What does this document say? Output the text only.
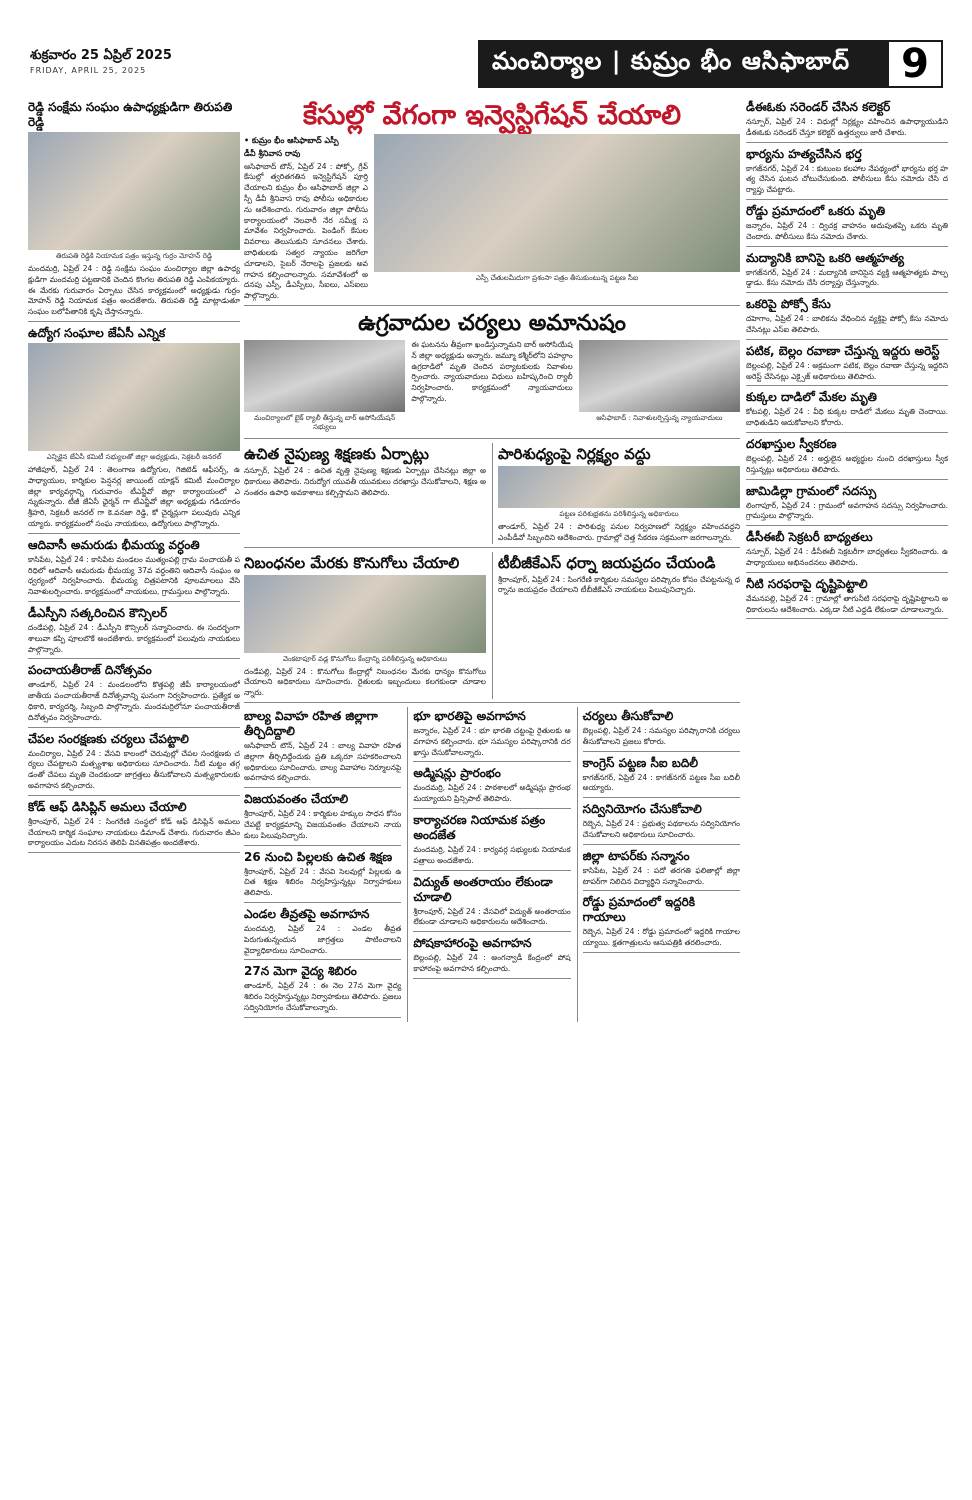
శుక్రవారం 25 ఏప్రిల్ 2025
FRIDAY, APRIL 25, 2025	మంచిర్యాల | కుమ్రం భీం ఆసిఫాబాద్	9
రెడ్డి సంక్షేమ సంఘం ఉపాధ్యక్షుడిగా తిరుపతి రెడ్డి
తిరుపతి రెడ్డికి నియామక పత్రం ఇస్తున్న గుర్రం మోహన్ రెడ్డి
మందమర్రి, ఏప్రిల్ 24 : రెడ్డి సంక్షేమ సంఘం మంచిర్యాల జిల్లా ఉపాధ్యక్షుడిగా మందమర్రి పట్టణానికి చెందిన కొంగల తిరుపతి రెడ్డి ఎంపికయ్యారు. ఈ మేరకు గురువారం ఏర్పాటు చేసిన కార్యక్రమంలో అధ్యక్షుడు గుర్రం మోహన్ రెడ్డి నియామక పత్రం అందజేశారు. తిరుపతి రెడ్డి మాట్లాడుతూ సంఘం బలోపేతానికి కృషి చేస్తానన్నారు.
ఉద్యోగ సంఘాల జేఏసీ ఎన్నిక
ఎన్నికైన జేఏసీ కమిటీ సభ్యులతో జిల్లా అధ్యక్షుడు, సెక్రటరీ జనరల్
హాజీపూర్, ఏప్రిల్ 24 : తెలంగాణ ఉద్యోగుల, గెజిటెడ్ ఆఫీసర్స్, ఉపాధ్యాయుల, కార్మికుల పెన్షనర్ల జాయింట్ యాక్షన్ కమిటీ మంచిర్యాల జిల్లా కార్యవర్గాన్ని గురువారం టీఎన్జీవో జిల్లా కార్యాలయంలో ఎన్నుకున్నారు. టీజీ జేఏసీ ఛైర్మన్ గా టీఎన్జీవో జిల్లా అధ్యక్షుడు గడియారం శ్రీహరి, సెక్రటరీ జనరల్ గా కె.వనజా రెడ్డి, కో చైర్మన్లుగా పలువురు ఎన్నికయ్యారు. కార్యక్రమంలో సంఘ నాయకులు, ఉద్యోగులు పాల్గొన్నారు.
ఆదివాసీ అమరుడు భీమయ్య వర్ధంతి
కాసిపేట, ఏప్రిల్ 24 : కాసిపేట మండలం ముత్యంపల్లి గ్రామ పంచాయతీ పరిధిలో ఆదివాసీ అమరుడు భీమయ్య 37వ వర్ధంతిని ఆదివాసీ సంఘం ఆధ్వర్యంలో నిర్వహించారు. భీమయ్య చిత్రపటానికి పూలమాలలు వేసి నివాళులర్పించారు. కార్యక్రమంలో నాయకులు, గ్రామస్తులు పాల్గొన్నారు.
డీఎస్పీని సత్కరించిన కౌన్సిలర్
దండేపల్లి, ఏప్రిల్ 24 : డీఎస్పీని కౌన్సిలర్ సన్మానించారు. ఈ సందర్భంగా శాలువా కప్పి పూలబొకే అందజేశారు. కార్యక్రమంలో పలువురు నాయకులు పాల్గొన్నారు.
పంచాయతీరాజ్ దినోత్సవం
తాండూర్, ఏప్రిల్ 24 : మండలంలోని కొత్తపల్లి జీపీ కార్యాలయంలో జాతీయ పంచాయతీరాజ్ దినోత్సవాన్ని ఘనంగా నిర్వహించారు. ప్రత్యేక అధికారి, కార్యదర్శి, సిబ్బంది పాల్గొన్నారు. మందమర్రిలోనూ పంచాయతీరాజ్ దినోత్సవం నిర్వహించారు.
చేపల సంరక్షణకు చర్యలు చేపట్టాలి
మంచిర్యాల, ఏప్రిల్ 24 : వేసవి కాలంలో చెరువుల్లో చేపల సంరక్షణకు చర్యలు చేపట్టాలని మత్స్యశాఖ అధికారులు సూచించారు. నీటి మట్టం తగ్గడంతో చేపలు మృతి చెందకుండా జాగ్రత్తలు తీసుకోవాలని మత్స్యకారులకు అవగాహన కల్పించారు.
కోడ్ ఆఫ్ డిసిప్లిన్ అమలు చేయాలి
శ్రీరాంపూర్, ఏప్రిల్ 24 : సింగరేణి సంస్థలో కోడ్ ఆఫ్ డిసిప్లిన్ అమలు చేయాలని కార్మిక సంఘాల నాయకులు డిమాండ్ చేశారు. గురువారం జీఎం కార్యాలయం ఎదుట నిరసన తెలిపి వినతిపత్రం అందజేశారు.
కేసుల్లో వేగంగా ఇన్వెస్టిగేషన్ చేయాలి
• కుమ్రం భీం ఆసిఫాబాద్ ఎస్పీ
డీవీ శ్రీనివాస రావు
ఆసిఫాబాద్ టౌన్, ఏప్రిల్ 24 : పోక్సో, గ్రేవ్ కేసుల్లో త్వరితగతిన ఇన్వెస్టిగేషన్ పూర్తి చేయాలని కుమ్రం భీం ఆసిఫాబాద్ జిల్లా ఎస్పీ డీవీ శ్రీనివాస రావు పోలీసు అధికారులను ఆదేశించారు. గురువారం జిల్లా పోలీసు కార్యాలయంలో నెలవారీ నేర సమీక్ష సమావేశం నిర్వహించారు. పెండింగ్ కేసుల వివరాలు తెలుసుకుని సూచనలు చేశారు. బాధితులకు సత్వర న్యాయం జరిగేలా చూడాలని, సైబర్ నేరాలపై ప్రజలకు అవగాహన కల్పించాలన్నారు. సమావేశంలో అదనపు ఎస్పీ, డీఎస్పీలు, సీఐలు, ఎస్ఐలు పాల్గొన్నారు.
ఎస్పీ చేతులమీదుగా ప్రశంసా పత్రం తీసుకుంటున్న పట్టణ సీఐ
ఉగ్రవాదుల చర్యలు అమానుషం
మంచిర్యాలలో బైక్ ర్యాలీ తీస్తున్న బార్ అసోసియేషన్ సభ్యులు
ఈ ఘటనను తీవ్రంగా ఖండిస్తున్నామని బార్ అసోసియేషన్ జిల్లా అధ్యక్షుడు అన్నారు. జమ్మూ కశ్మీర్‌లోని పహల్గాం ఉగ్రదాడిలో మృతి చెందిన పర్యాటకులకు నివాళులర్పించారు. న్యాయవాదులు విధులు బహిష్కరించి ర్యాలీ నిర్వహించారు. కార్యక్రమంలో న్యాయవాదులు పాల్గొన్నారు.
ఆసిఫాబాద్ : నివాళులర్పిస్తున్న న్యాయవాదులు
ఉచిత నైపుణ్య శిక్షణకు ఏర్పాట్లు
నస్పూర్, ఏప్రిల్ 24 : ఉచిత వృత్తి నైపుణ్య శిక్షణకు ఏర్పాట్లు చేసినట్లు జిల్లా అధికారులు తెలిపారు. నిరుద్యోగ యువతీ యువకులు దరఖాస్తు చేసుకోవాలని, శిక్షణ అనంతరం ఉపాధి అవకాశాలు కల్పిస్తామని తెలిపారు.
పారిశుధ్యంపై నిర్లక్ష్యం వద్దు
పట్టణ పరిశుభ్రతను పరిశీలిస్తున్న అధికారులు
తాండూర్, ఏప్రిల్ 24 : పారిశుధ్య పనుల నిర్వహణలో నిర్లక్ష్యం వహించవద్దని ఎంపీడీవో సిబ్బందిని ఆదేశించారు. గ్రామాల్లో చెత్త సేకరణ సక్రమంగా జరగాలన్నారు.
నిబంధనల మేరకు కొనుగోలు చేయాలి
వెంకటాపూర్ వడ్ల కొనుగోలు కేంద్రాన్ని పరిశీలిస్తున్న అధికారులు
దండేపల్లి, ఏప్రిల్ 24 : కొనుగోలు కేంద్రాల్లో నిబంధనల మేరకు ధాన్యం కొనుగోలు చేయాలని అధికారులు సూచించారు. రైతులకు ఇబ్బందులు కలగకుండా చూడాలన్నారు.
టీబీజీకేఎస్ ధర్నా జయప్రదం చేయండి
శ్రీరాంపూర్, ఏప్రిల్ 24 : సింగరేణి కార్మికుల సమస్యల పరిష్కారం కోసం చేపట్టనున్న ధర్నాను జయప్రదం చేయాలని టీబీజీకేఎస్ నాయకులు పిలుపునిచ్చారు.
బాల్య వివాహ రహిత జిల్లాగా తీర్చిదిద్దాలి
ఆసిఫాబాద్ టౌన్, ఏప్రిల్ 24 : బాల్య వివాహ రహిత జిల్లాగా తీర్చిదిద్దేందుకు ప్రతి ఒక్కరూ సహకరించాలని అధికారులు సూచించారు. బాల్య వివాహాల నిర్మూలనపై అవగాహన కల్పించారు.
విజయవంతం చేయాలి
శ్రీరాంపూర్, ఏప్రిల్ 24 : కార్మికుల హక్కుల సాధన కోసం చేపట్టే కార్యక్రమాన్ని విజయవంతం చేయాలని నాయకులు పిలుపునిచ్చారు.
26 నుంచి పిల్లలకు ఉచిత శిక్షణ
శ్రీరాంపూర్, ఏప్రిల్ 24 : వేసవి సెలవుల్లో పిల్లలకు ఉచిత శిక్షణ శిబిరం నిర్వహిస్తున్నట్లు నిర్వాహకులు తెలిపారు.
ఎండల తీవ్రతపై అవగాహన
మందమర్రి, ఏప్రిల్ 24 : ఎండల తీవ్రత పెరుగుతున్నందున జాగ్రత్తలు పాటించాలని వైద్యాధికారులు సూచించారు.
27న మెగా వైద్య శిబిరం
తాండూర్, ఏప్రిల్ 24 : ఈ నెల 27న మెగా వైద్య శిబిరం నిర్వహిస్తున్నట్లు నిర్వాహకులు తెలిపారు. ప్రజలు సద్వినియోగం చేసుకోవాలన్నారు.
భూ భారతిపై అవగాహన
జన్నారం, ఏప్రిల్ 24 : భూ భారతి చట్టంపై రైతులకు అవగాహన కల్పించారు. భూ సమస్యల పరిష్కారానికి దరఖాస్తు చేసుకోవాలన్నారు.
అడ్మిషన్లు ప్రారంభం
మందమర్రి, ఏప్రిల్ 24 : పాఠశాలలో అడ్మిషన్లు ప్రారంభమయ్యాయని ప్రిన్సిపాల్ తెలిపారు.
కార్యాచరణ నియామక పత్రం అందజేత
మందమర్రి, ఏప్రిల్ 24 : కార్యవర్గ సభ్యులకు నియామక పత్రాలు అందజేశారు.
విద్యుత్ అంతరాయం లేకుండా చూడాలి
శ్రీరాంపూర్, ఏప్రిల్ 24 : వేసవిలో విద్యుత్ అంతరాయం లేకుండా చూడాలని అధికారులను ఆదేశించారు.
పోషకాహారంపై అవగాహన
బెల్లంపల్లి, ఏప్రిల్ 24 : అంగన్వాడీ కేంద్రంలో పోషకాహారంపై అవగాహన కల్పించారు.
చర్యలు తీసుకోవాలి
బెల్లంపల్లి, ఏప్రిల్ 24 : సమస్యల పరిష్కారానికి చర్యలు తీసుకోవాలని ప్రజలు కోరారు.
కాంగ్రెస్ పట్టణ సీఐ బదిలీ
కాగజ్‌నగర్, ఏప్రిల్ 24 : కాగజ్‌నగర్ పట్టణ సీఐ బదిలీ అయ్యారు.
సద్వినియోగం చేసుకోవాలి
రెబ్బెన, ఏప్రిల్ 24 : ప్రభుత్వ పథకాలను సద్వినియోగం చేసుకోవాలని అధికారులు సూచించారు.
జిల్లా టాపర్‌కు సన్మానం
కాసిపేట, ఏప్రిల్ 24 : పదో తరగతి ఫలితాల్లో జిల్లా టాపర్‌గా నిలిచిన విద్యార్థిని సన్మానించారు.
రోడ్డు ప్రమాదంలో ఇద్దరికి గాయాలు
రెబ్బెన, ఏప్రిల్ 24 : రోడ్డు ప్రమాదంలో ఇద్దరికి గాయాలయ్యాయి. క్షతగాత్రులను ఆసుపత్రికి తరలించారు.
డీఈఓకు సరెండర్ చేసిన కలెక్టర్
నస్పూర్, ఏప్రిల్ 24 : విధుల్లో నిర్లక్ష్యం వహించిన ఉపాధ్యాయుడిని డీఈఓకు సరెండర్ చేస్తూ కలెక్టర్ ఉత్తర్వులు జారీ చేశారు.
భార్యను హత్యచేసిన భర్త
కాగజ్‌నగర్, ఏప్రిల్ 24 : కుటుంబ కలహాల నేపథ్యంలో భార్యను భర్త హత్య చేసిన ఘటన చోటుచేసుకుంది. పోలీసులు కేసు నమోదు చేసి దర్యాప్తు చేపట్టారు.
రోడ్డు ప్రమాదంలో ఒకరు మృతి
జన్నారం, ఏప్రిల్ 24 : ద్విచక్ర వాహనం అదుపుతప్పి ఒకరు మృతి చెందారు. పోలీసులు కేసు నమోదు చేశారు.
మద్యానికి బానిసై ఒకరి ఆత్మహత్య
కాగజ్‌నగర్, ఏప్రిల్ 24 : మద్యానికి బానిసైన వ్యక్తి ఆత్మహత్యకు పాల్పడ్డాడు. కేసు నమోదు చేసి దర్యాప్తు చేస్తున్నారు.
ఒకరిపై పోక్సో కేసు
దహెగాం, ఏప్రిల్ 24 : బాలికను వేధించిన వ్యక్తిపై పోక్సో కేసు నమోదు చేసినట్లు ఎస్ఐ తెలిపారు.
పటిక, బెల్లం రవాణా చేస్తున్న ఇద్దరు అరెస్ట్
బెల్లంపల్లి, ఏప్రిల్ 24 : అక్రమంగా పటిక, బెల్లం రవాణా చేస్తున్న ఇద్దరిని అరెస్ట్ చేసినట్లు ఎక్సైజ్ అధికారులు తెలిపారు.
కుక్కల దాడిలో మేకల మృతి
కోటపల్లి, ఏప్రిల్ 24 : వీధి కుక్కల దాడిలో మేకలు మృతి చెందాయి. బాధితుడిని ఆదుకోవాలని కోరారు.
దరఖాస్తుల స్వీకరణ
బెల్లంపల్లి, ఏప్రిల్ 24 : అర్హులైన అభ్యర్థుల నుంచి దరఖాస్తులు స్వీకరిస్తున్నట్లు అధికారులు తెలిపారు.
జామిడిల్లా గ్రామంలో సదస్సు
లింగాపూర్, ఏప్రిల్ 24 : గ్రామంలో అవగాహన సదస్సు నిర్వహించారు. గ్రామస్తులు పాల్గొన్నారు.
డీసీఈబీ సెక్రటరీ బాధ్యతలు
నస్పూర్, ఏప్రిల్ 24 : డీసీఈబీ సెక్రటరీగా బాధ్యతలు స్వీకరించారు. ఉపాధ్యాయులు అభినందనలు తెలిపారు.
నీటి సరఫరాపై దృష్టిపెట్టాలి
వేమనపల్లి, ఏప్రిల్ 24 : గ్రామాల్లో తాగునీటి సరఫరాపై దృష్టిపెట్టాలని అధికారులను ఆదేశించారు. ఎక్కడా నీటి ఎద్దడి లేకుండా చూడాలన్నారు.
